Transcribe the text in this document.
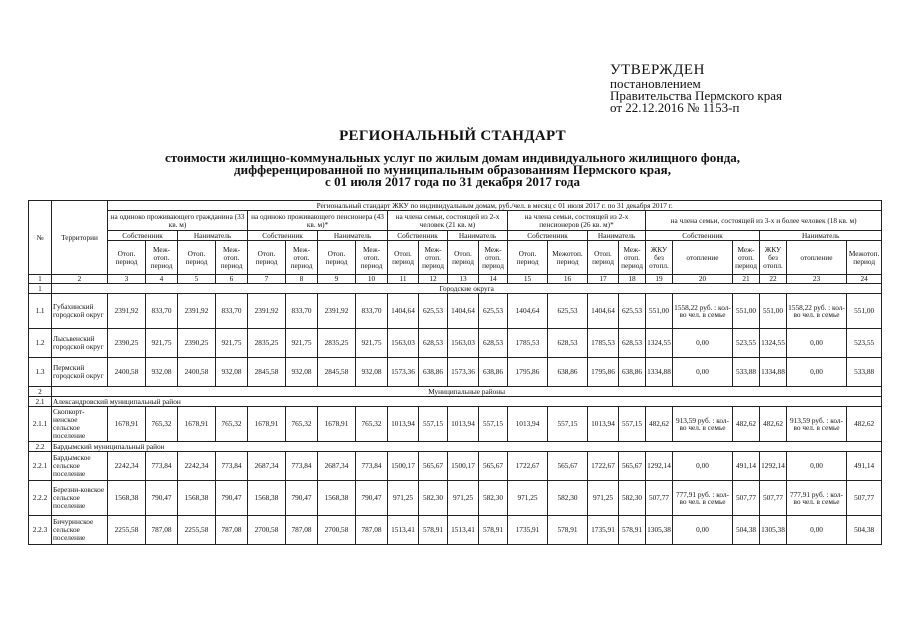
УТВЕРЖДЕН
постановлением
Правительства Пермского края
от 22.12.2016 № 1153-п
РЕГИОНАЛЬНЫЙ СТАНДАРТ
стоимости жилищно-коммунальных услуг по жилым домам индивидуального жилищного фонда,
дифференцированной по муниципальным образованиям Пермского края,
с 01 июля 2017 года по 31 декабря 2017 года
№	Территории	Региональный стандарт ЖКУ по индивидуальным домам, руб./чел. в месяц с 01 июля 2017 г. по 31 декабря 2017 г.																					
		на одиноко проживающего гражданина (33 кв. м)				на одиноко проживающего пенсионера (43 кв. м)*				на члена семьи, состоящей из 2-х человек (21 кв. м)				на члена семьи, состоящей из 2-х пенсионеров (26 кв. м)*				на члена семьи, состоящей из 3-х и более человек (18 кв. м)					
		Собственник		Наниматель		Собственник		Наниматель		Собственник		Наниматель		Собственник		Наниматель		Собственник			Наниматель		
		Отоп. период	Меж-отоп. период	Отоп. период	Меж-отоп. период	Отоп. период	Меж-отоп. период	Отоп. период	Меж-отоп. период	Отоп. период	Меж-отоп. период	Отоп. период	Меж-отоп. период	Отоп. период	Межотоп. период	Отоп. период	Меж-отоп. период	ЖКУ без отопл.	отопление	Меж-отоп. период	ЖКУ без отопл.	отопление	Межотоп. период
1	2	3	4	5	6	7	8	9	10	11	12	13	14	15	16	17	18	19	20	21	22	23	24
1	Городские округа																						
1.1	Губахинский городской округ	2391,92	833,70	2391,92	833,70	2391,92	833,70	2391,92	833,70	1404,64	625,53	1404,64	625,53	1404,64	625,53	1404,64	625,53	551,00	1558,22 руб. : кол-во чел. в семье	551,00	551,00	1558,22 руб. : кол-во чел. в семье	551,00
1.2	Лысьвенский городской округ	2390,25	921,75	2390,25	921,75	2835,25	921,75	2835,25	921,75	1563,03	628,53	1563,03	628,53	1785,53	628,53	1785,53	628,53	1324,55	0,00	523,55	1324,55	0,00	523,55
1.3	Пермский городской округ	2400,58	932,08	2400,58	932,08	2845,58	932,08	2845,58	932,08	1573,36	638,86	1573,36	638,86	1795,86	638,86	1795,86	638,86	1334,88	0,00	533,88	1334,88	0,00	533,88
2	Муниципальные районы																						
2.1	Александровский муниципальный район																						
2.1.1	Скопкорт-ненское сельское поселение	1678,91	765,32	1678,91	765,32	1678,91	765,32	1678,91	765,32	1013,94	557,15	1013,94	557,15	1013,94	557,15	1013,94	557,15	482,62	913,59 руб. : кол-во чел. в семье	482,62	482,62	913,59 руб. : кол-во чел. в семье	482,62
2.2	Бардымский муниципальный район																						
2.2.1	Бардымское сельское поселение	2242,34	773,84	2242,34	773,84	2687,34	773,84	2687,34	773,84	1500,17	565,67	1500,17	565,67	1722,67	565,67	1722,67	565,67	1292,14	0,00	491,14	1292,14	0,00	491,14
2.2.2	Березни-ковское сельское поселение	1568,38	790,47	1568,38	790,47	1568,38	790,47	1568,38	790,47	971,25	582,30	971,25	582,30	971,25	582,30	971,25	582,30	507,77	777,91 руб. : кол-во чел. в семье	507,77	507,77	777,91 руб. : кол-во чел. в семье	507,77
2.2.3	Бичуринское сельское поселение	2255,58	787,08	2255,58	787,08	2700,58	787,08	2700,58	787,08	1513,41	578,91	1513,41	578,91	1735,91	578,91	1735,91	578,91	1305,38	0,00	504,38	1305,38	0,00	504,38
